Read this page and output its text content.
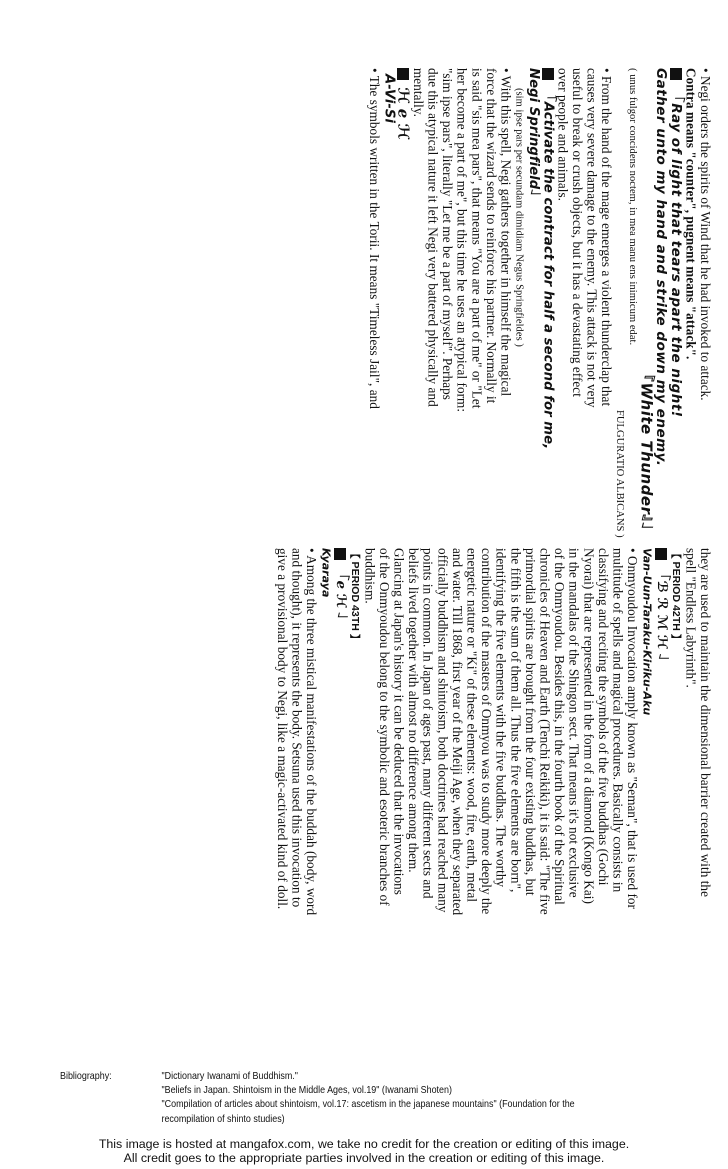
• Negi orders the spirits of Wind that he had invoked to attack.

Contra means "counter", pugnent means "attack".

「Ray of light that tears apart the night!

Gather unto my hand and strike down my enemy.

『White Thunder』」

( unus fulgor concidens noctem, in mea manu ens inimicum edat.

FULGURATIO ALBICANS )

• From the hand of the mage emerges a violent thunderclap that

causes very severe damage to the enemy. This attack is not very

useful to break or crush objects, but it has a devastating effect

over people and animals.

「Activate the contract for half a second for me,

Negi Springfield」

(sim ipse pars per secundam dimidiam Negus Springfieldes )

• With this spell, Negi gathers together in himself the magical

force that the wizard sends to reinforce his partner. Normally it

is said "sis mea pars", that means "You are a part of me" or "Let

her become a part of me", but this time he uses an atypical form:

"sim ipse pars", literally "Let me be a part of myself". Perhaps

due this atypical nature it left Negi very battered physically and

mentally.

ℋ ℯ ℋ

A-Vi-Si

• The symbols written in the Torii. It means "Timeless Jail", and

they are used to maintain the dimensional barrier created with the

spell "Endless Labyrinth".

【 PERIOD 42TH 】

「ℬ ℛ ℳ ℋ 」

Van-Uun-Taraku-Kiriku-Aku

• Onmyoudou Invocation amply known as "Seman", that is used for

multitude of spells and magical procedures. Basically consists in

classifying and reciting the symbols of the five buddhas (Gochi

Nyorai) that are represented in the form of a diamond (Kongo Kai)

in the mandalas of the Shingon sect. That means it's not exclusive

of the Onmyoudou. Besides this, in the fourth book of the Spiritual

chronicles of Heaven and Earth (Tenchi Reikiki), it is said: "The five

primordial spirits are brought from the four existing buddhas, but

the fifth is the sum of them all. Thus the five elements are born",

identifying the five elements with the five buddhas. The worthy

contribution of the masters of Onmyou was to study more deeply the

energetic nature or "Ki" of these elements: wood, fire, earth, metal

and water. Till 1868, first year of the Meiji Age, when they separated

officially buddhism and shintoism, both doctrines had reached many

points in common. In Japan of ages past, many different sects and

beliefs lived together with almost no difference among them.

Glancing at Japan's history it can be deduced that the invocations

of the Onmyoudou belong to the symbolic and esoteric branches of

buddhism.

【 PERIOD 43TH 】

「ℯ ℋ 」

Kyaraya

• Among the three mistical manifestations of the buddah (body, word

and thought), it represents the body. Setsuna used this invocation to

give a provisional body to Negi, like a magic-activated kind of doll.

Bibliography:	"Dictionary Iwanami of Buddhism."
"Beliefs in Japan. Shintoism in the Middle Ages, vol.19" (Iwanami Shoten)
"Compilation of articles about shintoism, vol.17: ascetism in the japanese mountains" (Foundation for the recompilation of shinto studies)
This image is hosted at mangafox.com, we take no credit for the creation or editing of this image.
All credit goes to the appropriate parties involved in the creation or editing of this image.
